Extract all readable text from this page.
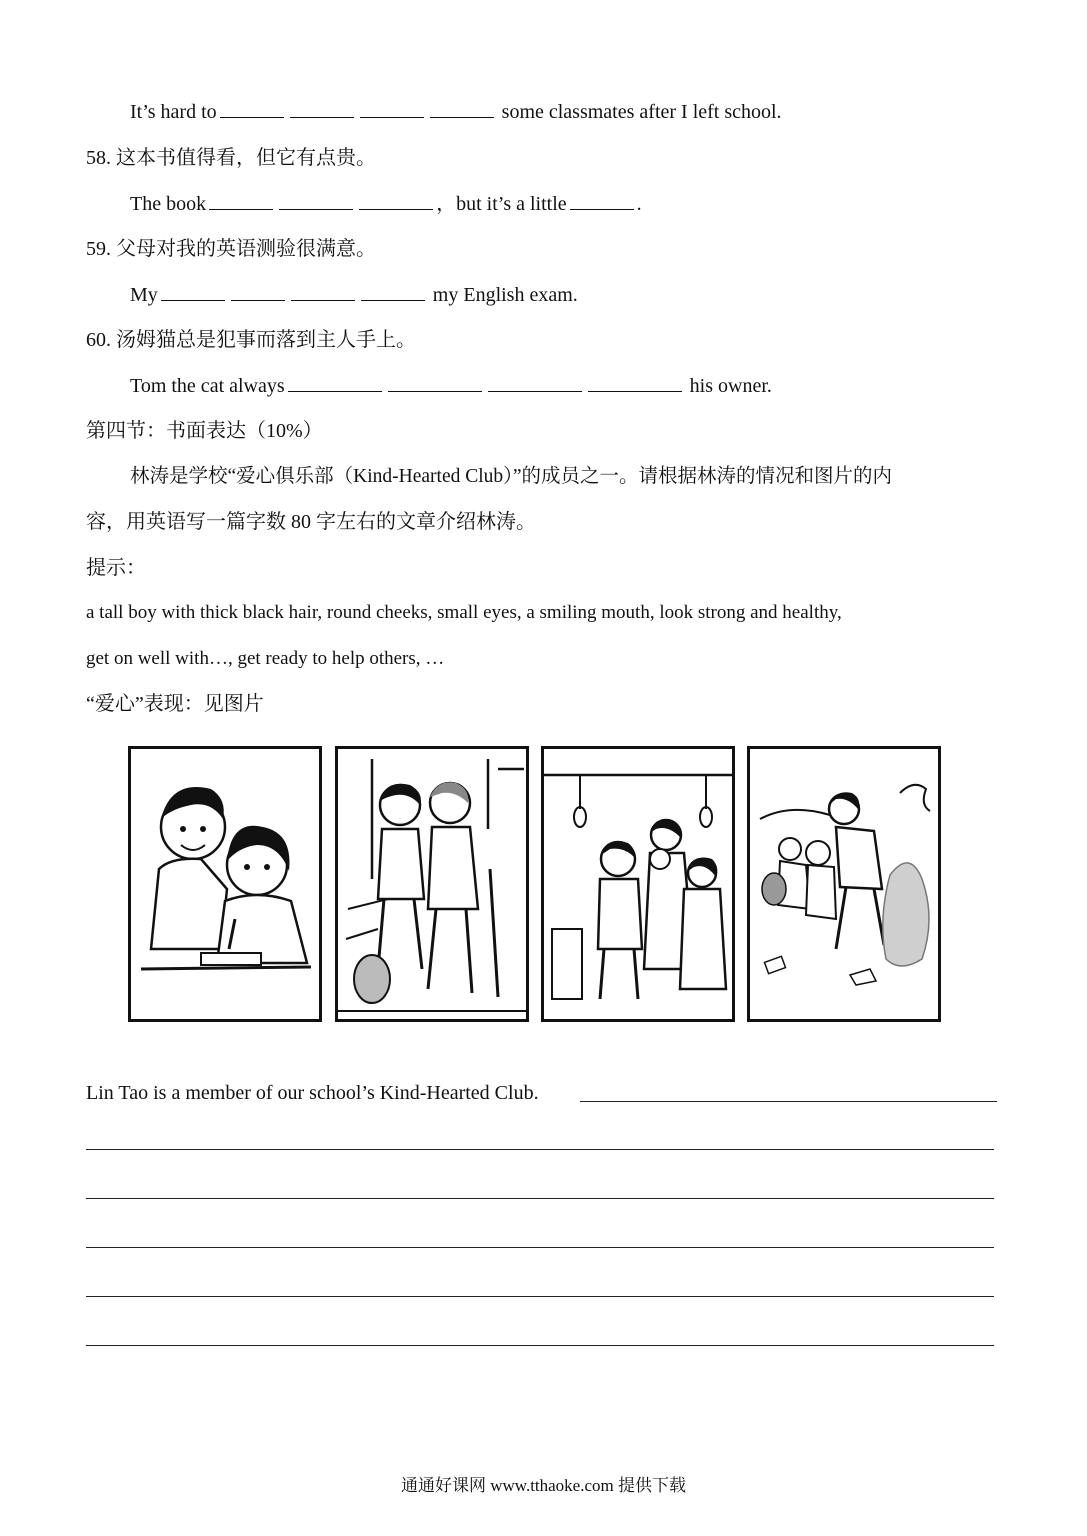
It’s hard to	some classmates after I left school.
58. 这本书值得看，但它有点贵。
The book	，but it’s a little	.
59. 父母对我的英语测验很满意。
My	my English exam.
60. 汤姆猫总是犯事而落到主人手上。
Tom the cat always	his owner.
第四节：书面表达（10%）
林涛是学校“爱心俱乐部（Kind-Hearted Club）”的成员之一。请根据林涛的情况和图片的内
容，用英语写一篇字数 80 字左右的文章介绍林涛。
提示：
a tall boy with thick black hair, round cheeks, small eyes, a smiling mouth, look strong and healthy,
get on well with…, get ready to help others, …
“爱心”表现：见图片
Lin Tao is a member of our school’s Kind-Hearted Club.
通通好课网 www.tthaoke.com 提供下载
